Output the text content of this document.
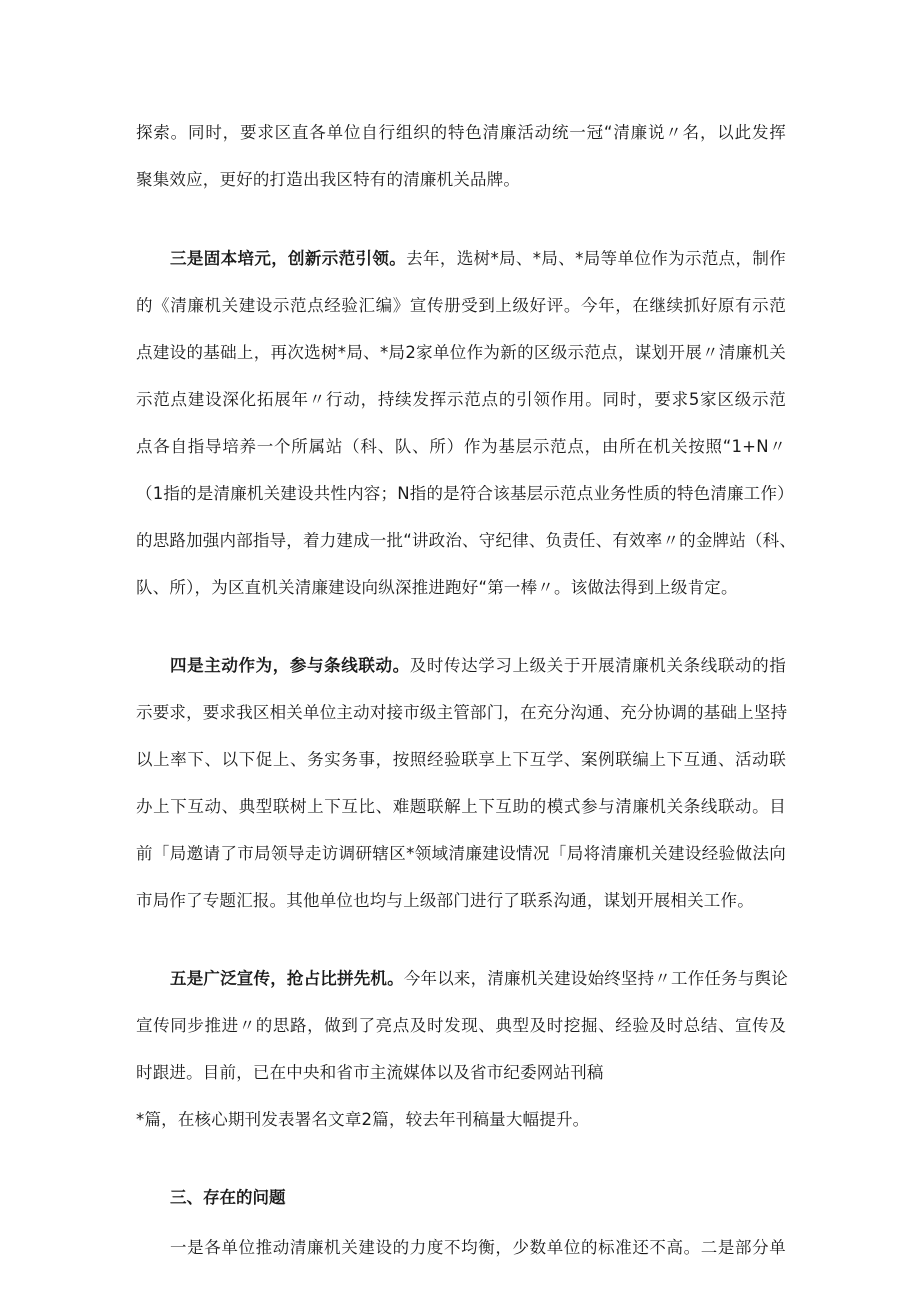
探索。同时，要求区直各单位自行组织的特色清廉活动统一冠“清廉说〃名，以此发挥
聚集效应，更好的打造出我区特有的清廉机关品牌。
三是固本培元，创新示范引领。去年，选树*局、*局、*局等单位作为示范点，制作
的《清廉机关建设示范点经验汇编》宣传册受到上级好评。今年，在继续抓好原有示范
点建设的基础上，再次选树*局、*局2家单位作为新的区级示范点，谋划开展〃清廉机关
示范点建设深化拓展年〃行动，持续发挥示范点的引领作用。同时，要求5家区级示范
点各自指导培养一个所属站（科、队、所）作为基层示范点，由所在机关按照“1+N〃
（1指的是清廉机关建设共性内容；N指的是符合该基层示范点业务性质的特色清廉工作）
的思路加强内部指导，着力建成一批“讲政治、守纪律、负责任、有效率〃的金牌站（科、
队、所），为区直机关清廉建设向纵深推进跑好“第一棒〃。该做法得到上级肯定。
四是主动作为，参与条线联动。及时传达学习上级关于开展清廉机关条线联动的指
示要求，要求我区相关单位主动对接市级主管部门，在充分沟通、充分协调的基础上坚持
以上率下、以下促上、务实务事，按照经验联享上下互学、案例联编上下互通、活动联
办上下互动、典型联树上下互比、难题联解上下互助的模式参与清廉机关条线联动。目
前「局邀请了市局领导走访调研辖区*领域清廉建设情况「局将清廉机关建设经验做法向
市局作了专题汇报。其他单位也均与上级部门进行了联系沟通，谋划开展相关工作。
五是广泛宣传，抢占比拼先机。今年以来，清廉机关建设始终坚持〃工作任务与舆论
宣传同步推进〃的思路，做到了亮点及时发现、典型及时挖掘、经验及时总结、宣传及
时跟进。目前，已在中央和省市主流媒体以及省市纪委网站刊稿
*篇，在核心期刊发表署名文章2篇，较去年刊稿量大幅提升。
三、存在的问题
一是各单位推动清廉机关建设的力度不均衡，少数单位的标准还不高。二是部分单
